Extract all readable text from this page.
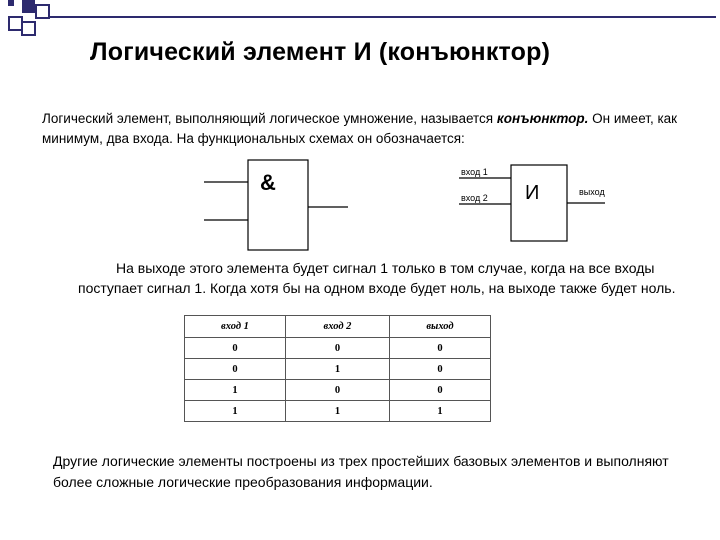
Логический элемент И (конъюнктор)
Логический элемент, выполняющий логическое умножение, называется конъюнктор. Он имеет, как минимум, два входа. На функциональных схемах он обозначается:
&	вход 1
вход 2
выход
И
На выходе этого элемента будет сигнал 1 только в том случае, когда на все входы поступает сигнал 1. Когда хотя бы на одном входе будет ноль, на выходе также будет ноль.
вход 1	вход 2	выход
0	0	0
0	1	0
1	0	0
1	1	1
Другие логические элементы построены из трех простейших базовых элементов и выполняют более сложные логические преобразования информации.
